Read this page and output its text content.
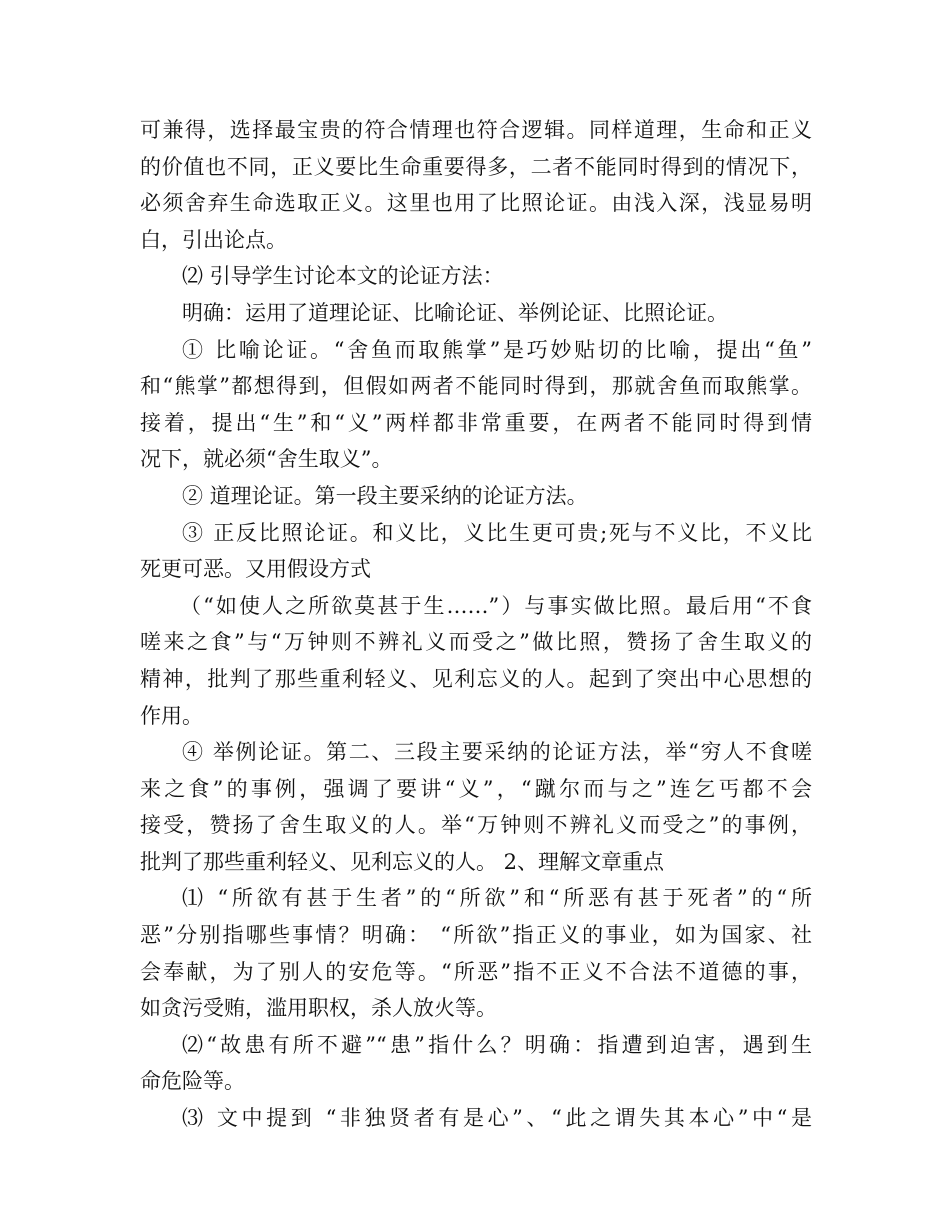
可兼得，选择最宝贵的符合情理也符合逻辑。同样道理，生命和正义
的价值也不同，正义要比生命重要得多，二者不能同时得到的情况下，
必须舍弃生命选取正义。这里也用了比照论证。由浅入深，浅显易明
白，引出论点。
⑵ 引导学生讨论本文的论证方法：
明确：运用了道理论证、比喻论证、举例论证、比照论证。
① 比喻论证。“舍鱼而取熊掌”是巧妙贴切的比喻，提出“鱼”
和“熊掌”都想得到，但假如两者不能同时得到，那就舍鱼而取熊掌。
接着，提出“生”和“义”两样都非常重要，在两者不能同时得到情
况下，就必须“舍生取义”。
② 道理论证。第一段主要采纳的论证方法。
③ 正反比照论证。和义比，义比生更可贵;死与不义比，不义比
死更可恶。又用假设方式
（“如使人之所欲莫甚于生……”）与事实做比照。最后用“不食
嗟来之食”与“万钟则不辨礼义而受之”做比照，赞扬了舍生取义的
精神，批判了那些重利轻义、见利忘义的人。起到了突出中心思想的
作用。
④ 举例论证。第二、三段主要采纳的论证方法，举“穷人不食嗟
来之食”的事例，强调了要讲“义”，“蹴尔而与之”连乞丐都不会
接受，赞扬了舍生取义的人。举“万钟则不辨礼义而受之”的事例，
批判了那些重利轻义、见利忘义的人。 2、理解文章重点
⑴ “所欲有甚于生者”的“所欲”和“所恶有甚于死者”的“所
恶”分别指哪些事情？明确： “所欲”指正义的事业，如为国家、社
会奉献，为了别人的安危等。“所恶”指不正义不合法不道德的事，
如贪污受贿，滥用职权，杀人放火等。
⑵“故患有所不避”“患”指什么？明确：指遭到迫害，遇到生
命危险等。
⑶ 文中提到 “非独贤者有是心”、“此之谓失其本心”中“是
